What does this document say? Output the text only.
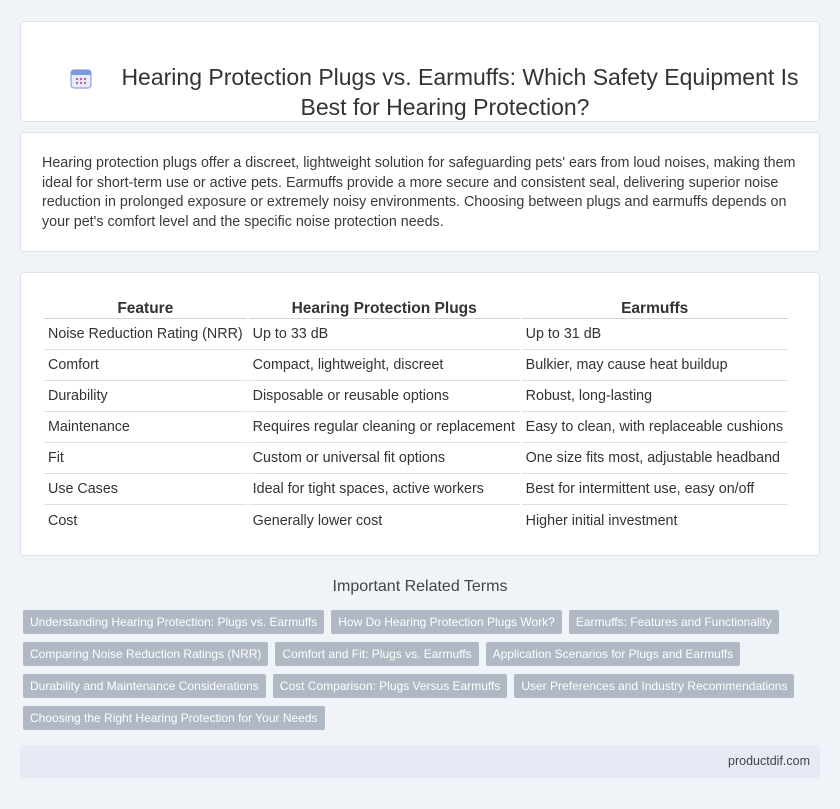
Hearing Protection Plugs vs. Earmuffs: Which Safety Equipment Is Best for Hearing Protection?

Hearing protection plugs offer a discreet, lightweight solution for safeguarding pets' ears from loud noises, making them ideal for short-term use or active pets. Earmuffs provide a more secure and consistent seal, delivering superior noise reduction in prolonged exposure or extremely noisy environments. Choosing between plugs and earmuffs depends on your pet's comfort level and the specific noise protection needs.

Feature	Hearing Protection Plugs	Earmuffs
Noise Reduction Rating (NRR)	Up to 33 dB	Up to 31 dB
Comfort	Compact, lightweight, discreet	Bulkier, may cause heat buildup
Durability	Disposable or reusable options	Robust, long-lasting
Maintenance	Requires regular cleaning or replacement	Easy to clean, with replaceable cushions
Fit	Custom or universal fit options	One size fits most, adjustable headband
Use Cases	Ideal for tight spaces, active workers	Best for intermittent use, easy on/off
Cost	Generally lower cost	Higher initial investment
Important Related Terms
Understanding Hearing Protection: Plugs vs. Earmuffs	How Do Hearing Protection Plugs Work?	Earmuffs: Features and Functionality
Comparing Noise Reduction Ratings (NRR)	Comfort and Fit: Plugs vs. Earmuffs	Application Scenarios for Plugs and Earmuffs
Durability and Maintenance Considerations	Cost Comparison: Plugs Versus Earmuffs	User Preferences and Industry Recommendations
Choosing the Right Hearing Protection for Your Needs
productdif.com
